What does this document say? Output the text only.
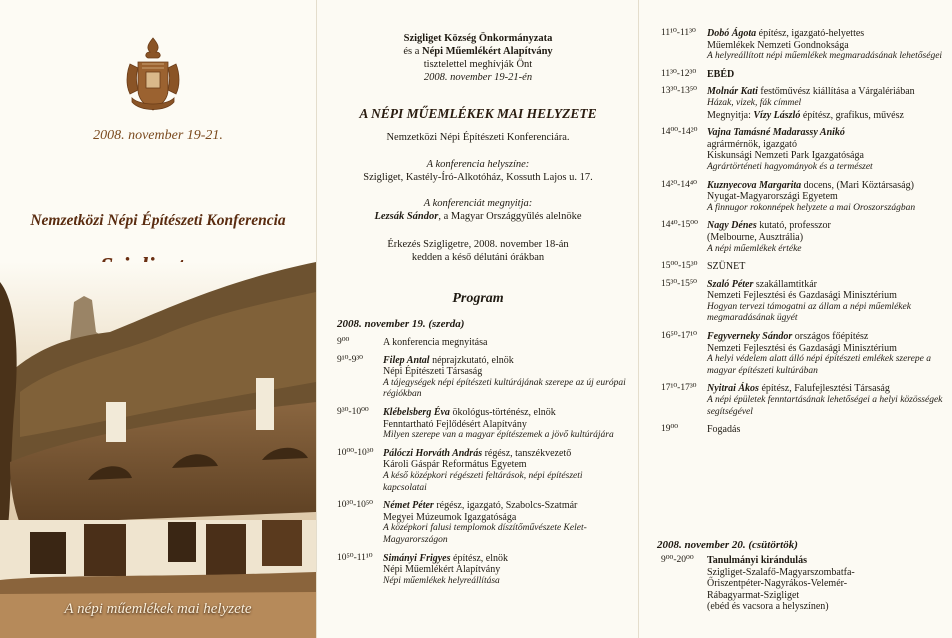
2008. november 19-21.
Nemzetközi Népi Építészeti Konferencia
A népi műemlékek mai helyzete
Szigliget Község Önkormányzata
és a Népi Műemlékért Alapítvány
tisztelettel meghívják Önt
2008. november 19-21-én
A NÉPI MŰEMLÉKEK MAI HELYZETE
Nemzetközi Népi Építészeti Konferenciára.
A konferencia helyszíne:
Szigliget, Kastély-Író-Alkotóház, Kossuth Lajos u. 17.
A konferenciát megnyitja:
Lezsák Sándor, a Magyar Országgyűlés alelnöke
Érkezés Szigligetre, 2008. november 18-án
kedden a késő délutáni órákban
Program
2008. november 19. (szerda)
9⁰⁰	A konferencia megnyitása
9¹⁰-9³⁰	Filep Antal néprajzkutató, elnök
Népi Építészeti Társaság
A tájegységek népi építészeti kultúrájának szerepe az új európai régiókban
9³⁰-10⁰⁰	Klébelsberg Éva ökológus-történész, elnök
Fenntartható Fejlődésért Alapítvány
Milyen szerepe van a magyar építészemek a jövő kultúrájára
10⁰⁰-10³⁰ Pálóczi Horváth András régész, tanszékvezető
Károli Gáspár Református Egyetem
A késő középkori régészeti feltárások, népi építészeti kapcsolatai
10³⁰-10⁵⁰	Német Péter régész, igazgató, Szabolcs-Szatmár
Megyei Múzeumok Igazgatósága
A középkori falusi templomok díszítőművészete Kelet-Magyarországon
10⁵⁰-11¹⁰	Simányi Frigyes építész, elnök
Népi Műemlékért Alapítvány
Népi műemlékek helyreállítása
11¹⁰-11³⁰	Dobó Ágota építész, igazgató-helyettes
Műemlékek Nemzeti Gondnoksága
A helyreállított népi műemlékek megmaradásának lehetőségei
11³⁰-12³⁰	EBÉD
13³⁰-13⁵⁰	Molnár Kati festőművész kiállítása a Várgalériában
Házak, vizek, fák címmel
Megnyitja: Vízy László építész, grafikus, művész
14⁰⁰-14²⁰ Vajna Tamásné Madarassy Anikó
agrármérnök, igazgató
Kiskunsági Nemzeti Park Igazgatósága
Agrártörténeti hagyományok és a természet
14²⁰-14⁴⁰	Kuznyecova Margarita docens, (Mari Köztársaság)
Nyugat-Magyarországi Egyetem
A finnugor rokonnépek helyzete a mai Oroszországban
14⁴⁰-15⁰⁰ Nagy Dénes kutató, professzor
(Melbourne, Ausztrália)
A népi műemlékek értéke
15⁰⁰-15³⁰ SZÜNET
15³⁰-15⁵⁰	Szaló Péter szakállamtitkár
Nemzeti Fejlesztési és Gazdasági Minisztérium
Hogyan tervezi támogatni az állam a népi műemlékek megmaradásának ügyét
16⁵⁰-17¹⁰	Fegyverneky Sándor országos főépítész
Nemzeti Fejlesztési és Gazdasági Minisztérium
A helyi védelem alatt álló népi építészeti emlékek szerepe a magyar építészeti kultúrában
17¹⁰-17³⁰	Nyitrai Ákos építész, Falufejlesztési Társaság
A népi épületek fenntartásának lehetőségei a helyi közösségek segítségével
19⁰⁰	Fogadás
2008. november 20. (csütörtök)
9⁰⁰-20⁰⁰	Tanulmányi kirándulás
Szigliget-Szalafő-Magyarszombatfa-
Őriszentpéter-Nagyrákos-Velemér-
Rábagyarmat-Szigliget
(ebéd és vacsora a helyszínen)
